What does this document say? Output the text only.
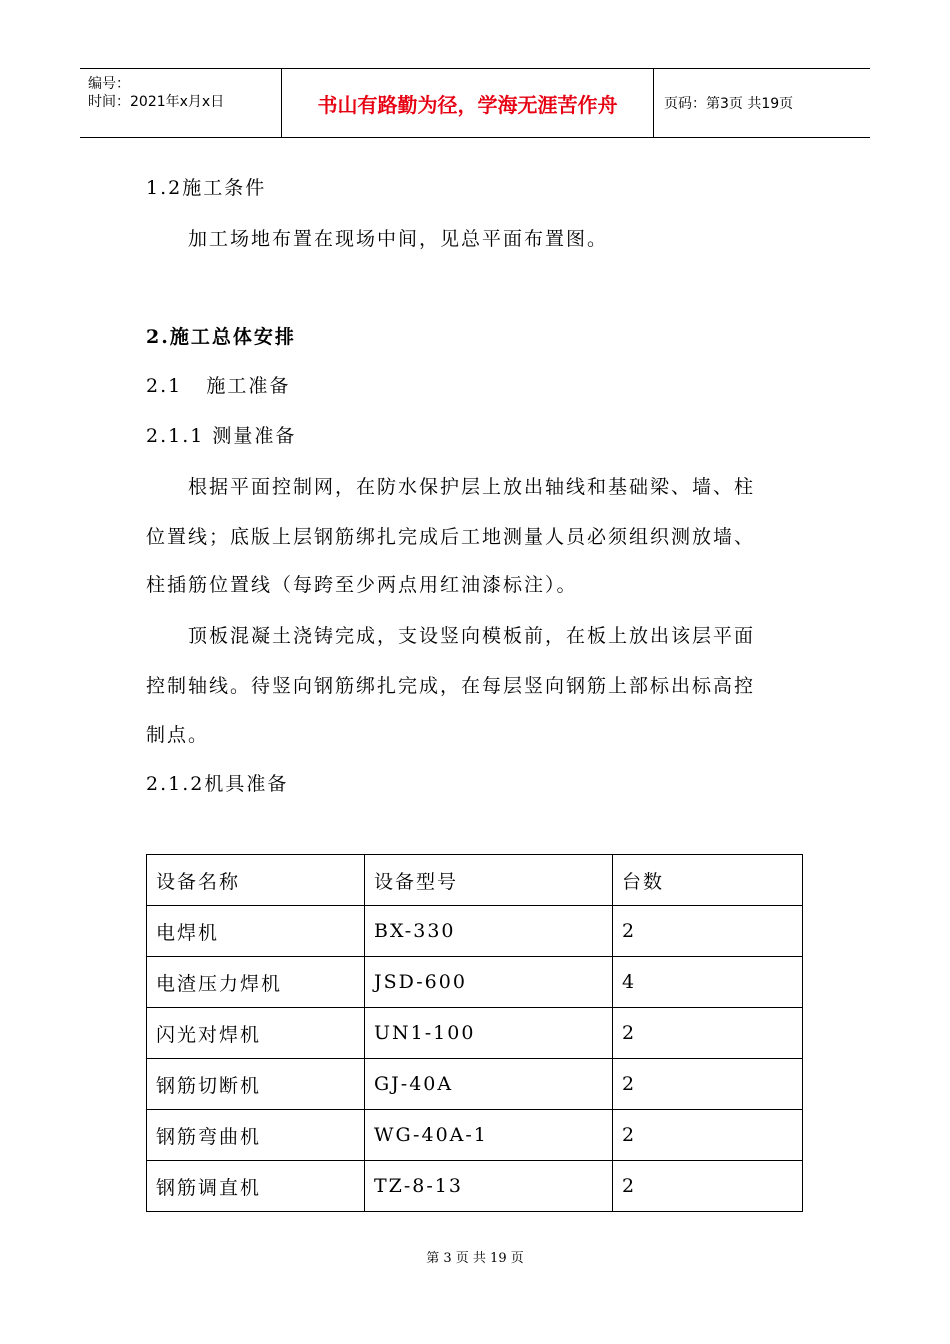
编号：
时间：2021年x月x日	书山有路勤为径，学海无涯苦作舟	页码：第3页 共19页
1.2施工条件
加工场地布置在现场中间，见总平面布置图。
2.施工总体安排
2.1   施工准备
2.1.1 测量准备
根据平面控制网，在防水保护层上放出轴线和基础梁、墙、柱
位置线；底版上层钢筋绑扎完成后工地测量人员必须组织测放墙、
柱插筋位置线（每跨至少两点用红油漆标注）。
顶板混凝土浇铸完成，支设竖向模板前，在板上放出该层平面
控制轴线。待竖向钢筋绑扎完成，在每层竖向钢筋上部标出标高控
制点。
2.1.2机具准备
设备名称	设备型号	台数
电焊机	BX-330	2
电渣压力焊机	JSD-600	4
闪光对焊机	UN1-100	2
钢筋切断机	GJ-40A	2
钢筋弯曲机	WG-40A-1	2
钢筋调直机	TZ-8-13	2
第 3 页 共 19 页
